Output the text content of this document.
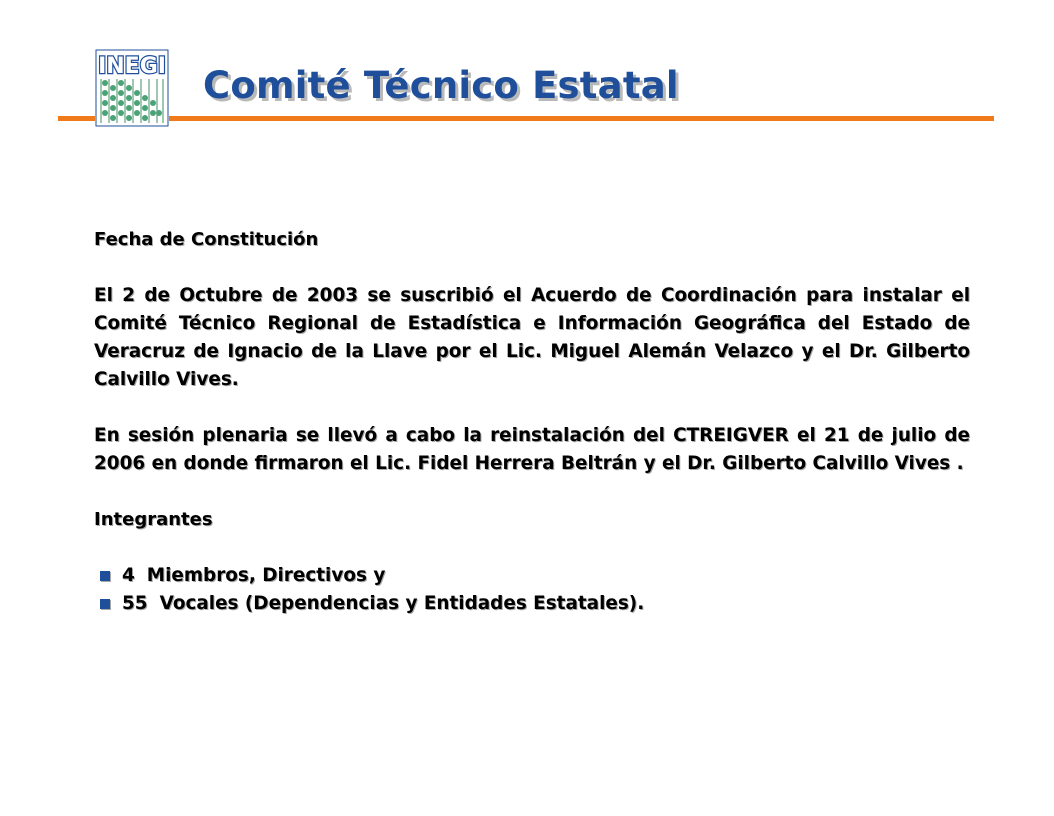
INEGI Comité Técnico Estatal

Fecha de Constitución

El 2 de Octubre de 2003 se suscribió el Acuerdo de Coordinación para instalar el Comité Técnico Regional de Estadística e Información Geográfica del Estado de Veracruz de Ignacio de la Llave por el Lic. Miguel Alemán Velazco y el Dr. Gilberto Calvillo Vives.

En sesión plenaria se llevó a cabo la reinstalación del CTREIGVER el 21 de julio de 2006 en donde firmaron el Lic. Fidel Herrera Beltrán y el Dr. Gilberto Calvillo Vives .

Integrantes

4 Miembros, Directivos y
55 Vocales (Dependencias y Entidades Estatales).
